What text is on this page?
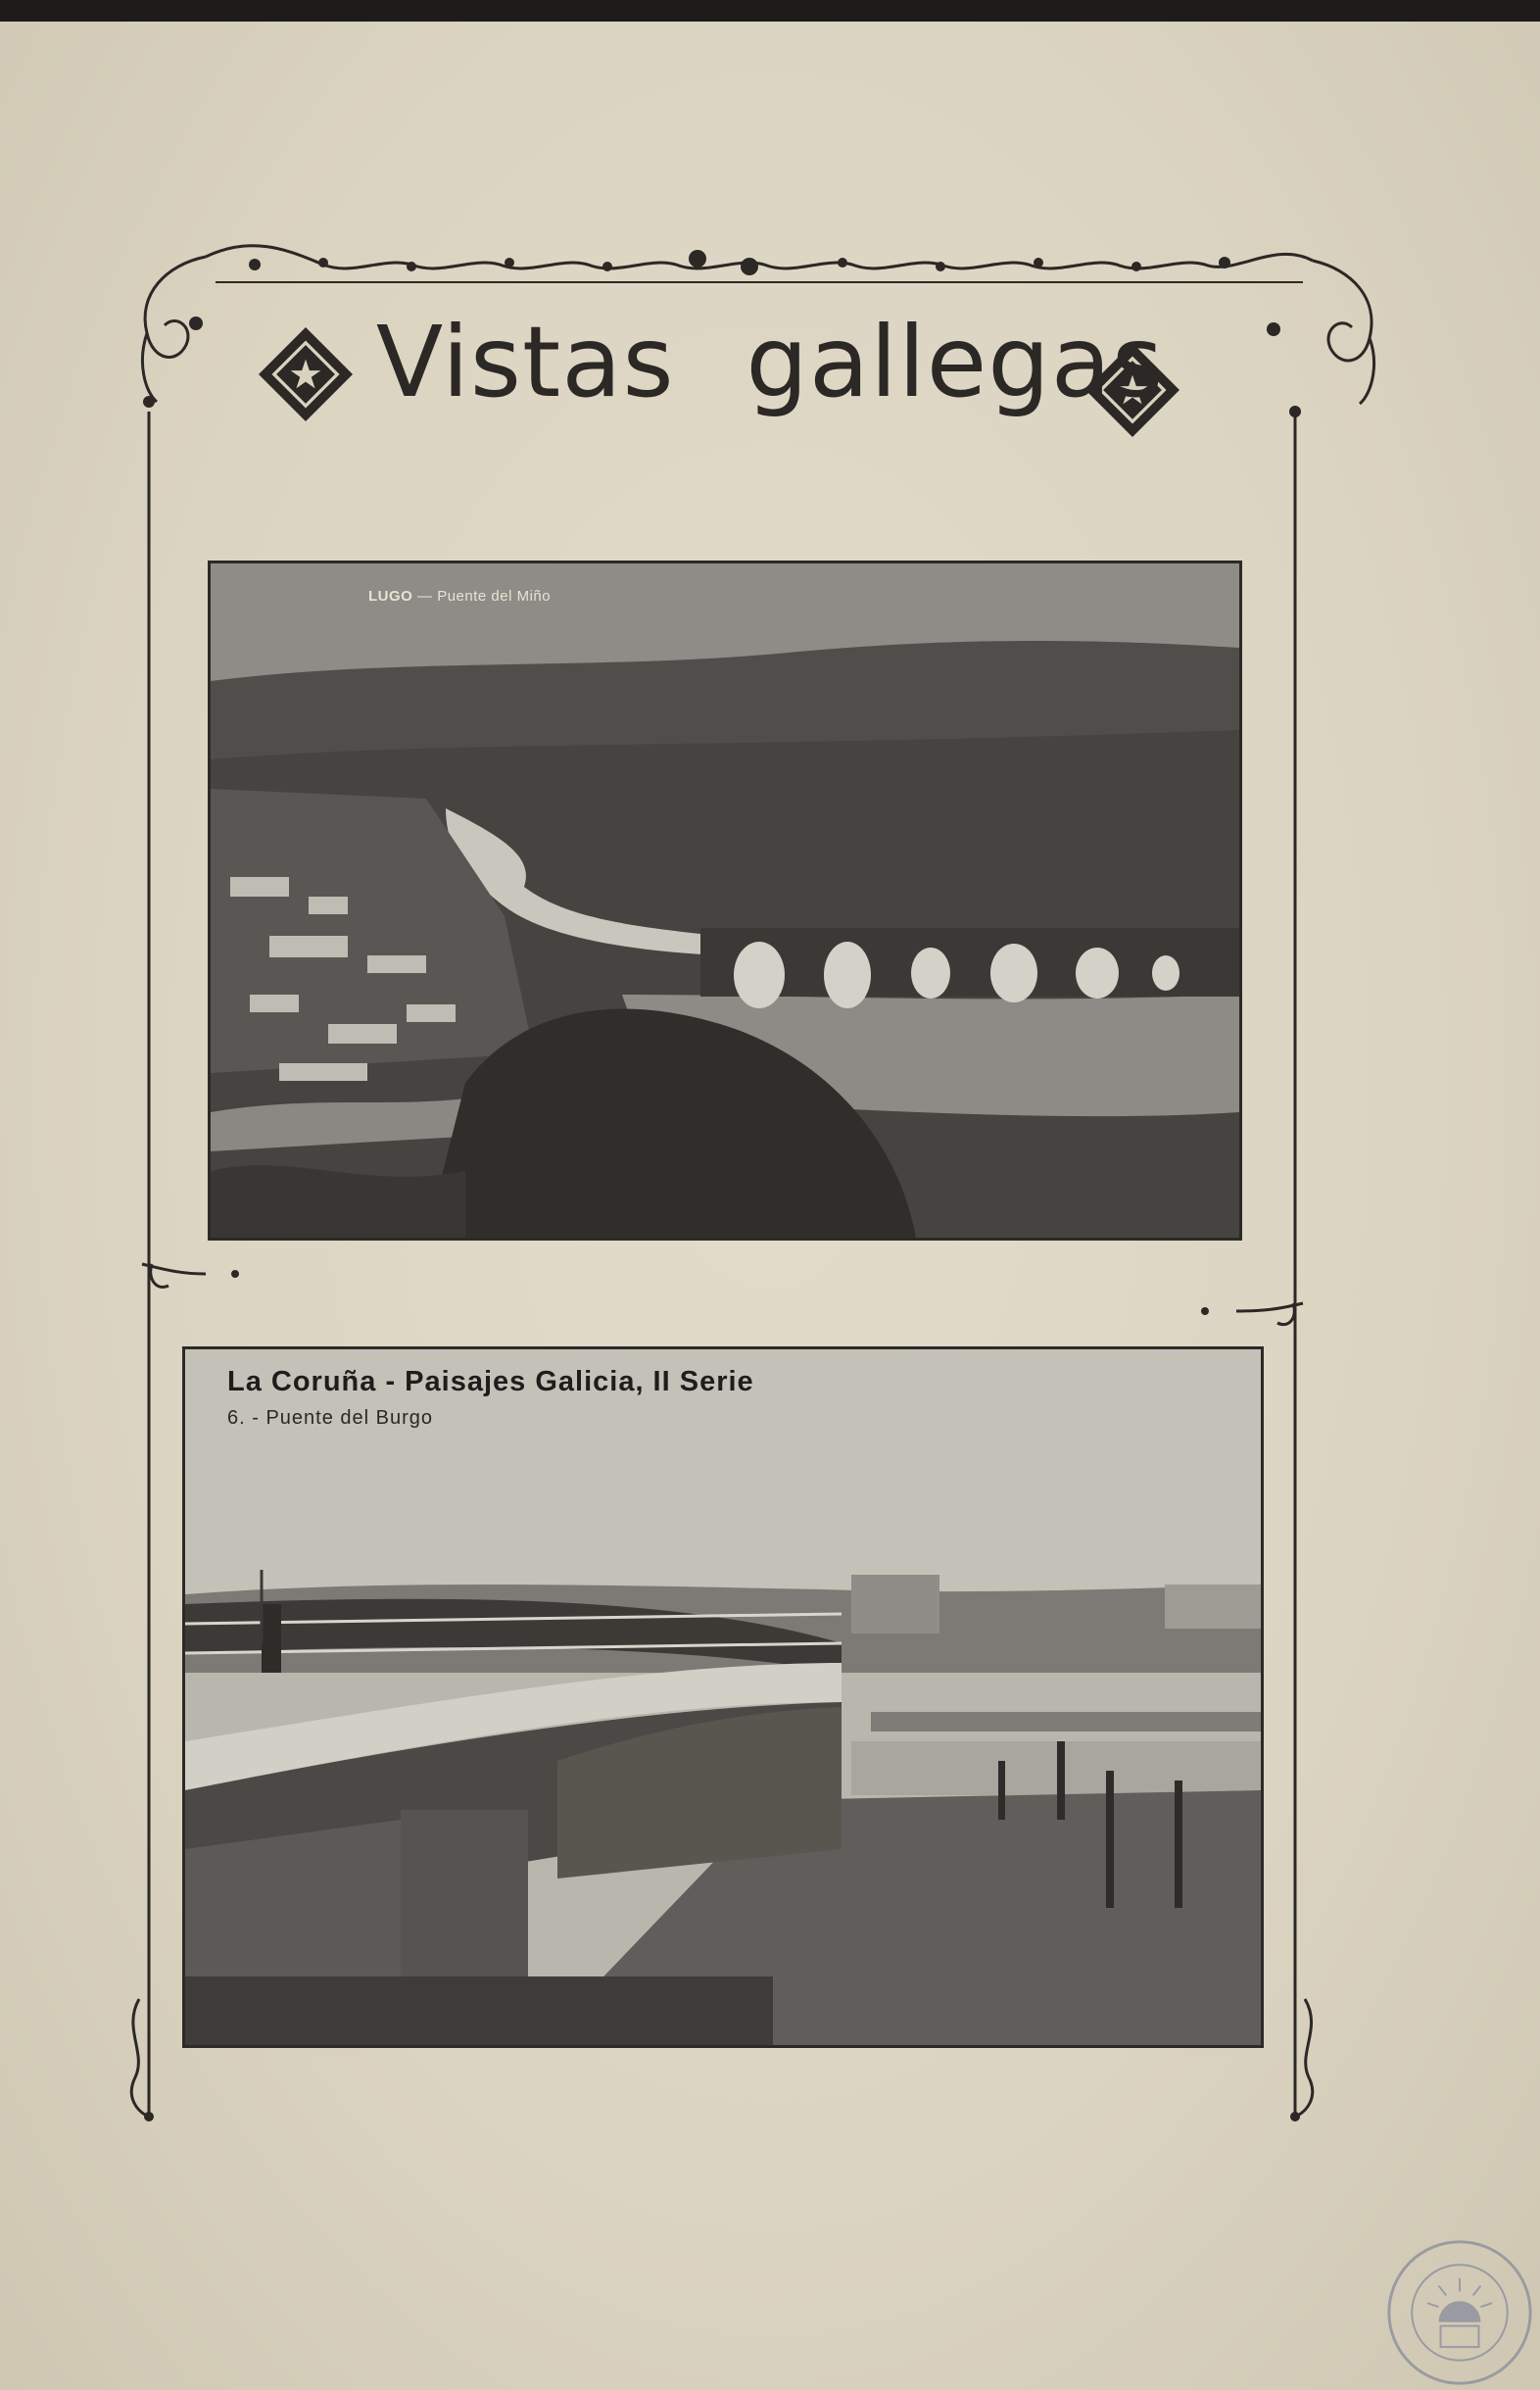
Vistas gallegas
LUGO — Puente del Miño
La Coruña - Paisajes Galicia, II Serie
6. - Puente del Burgo
